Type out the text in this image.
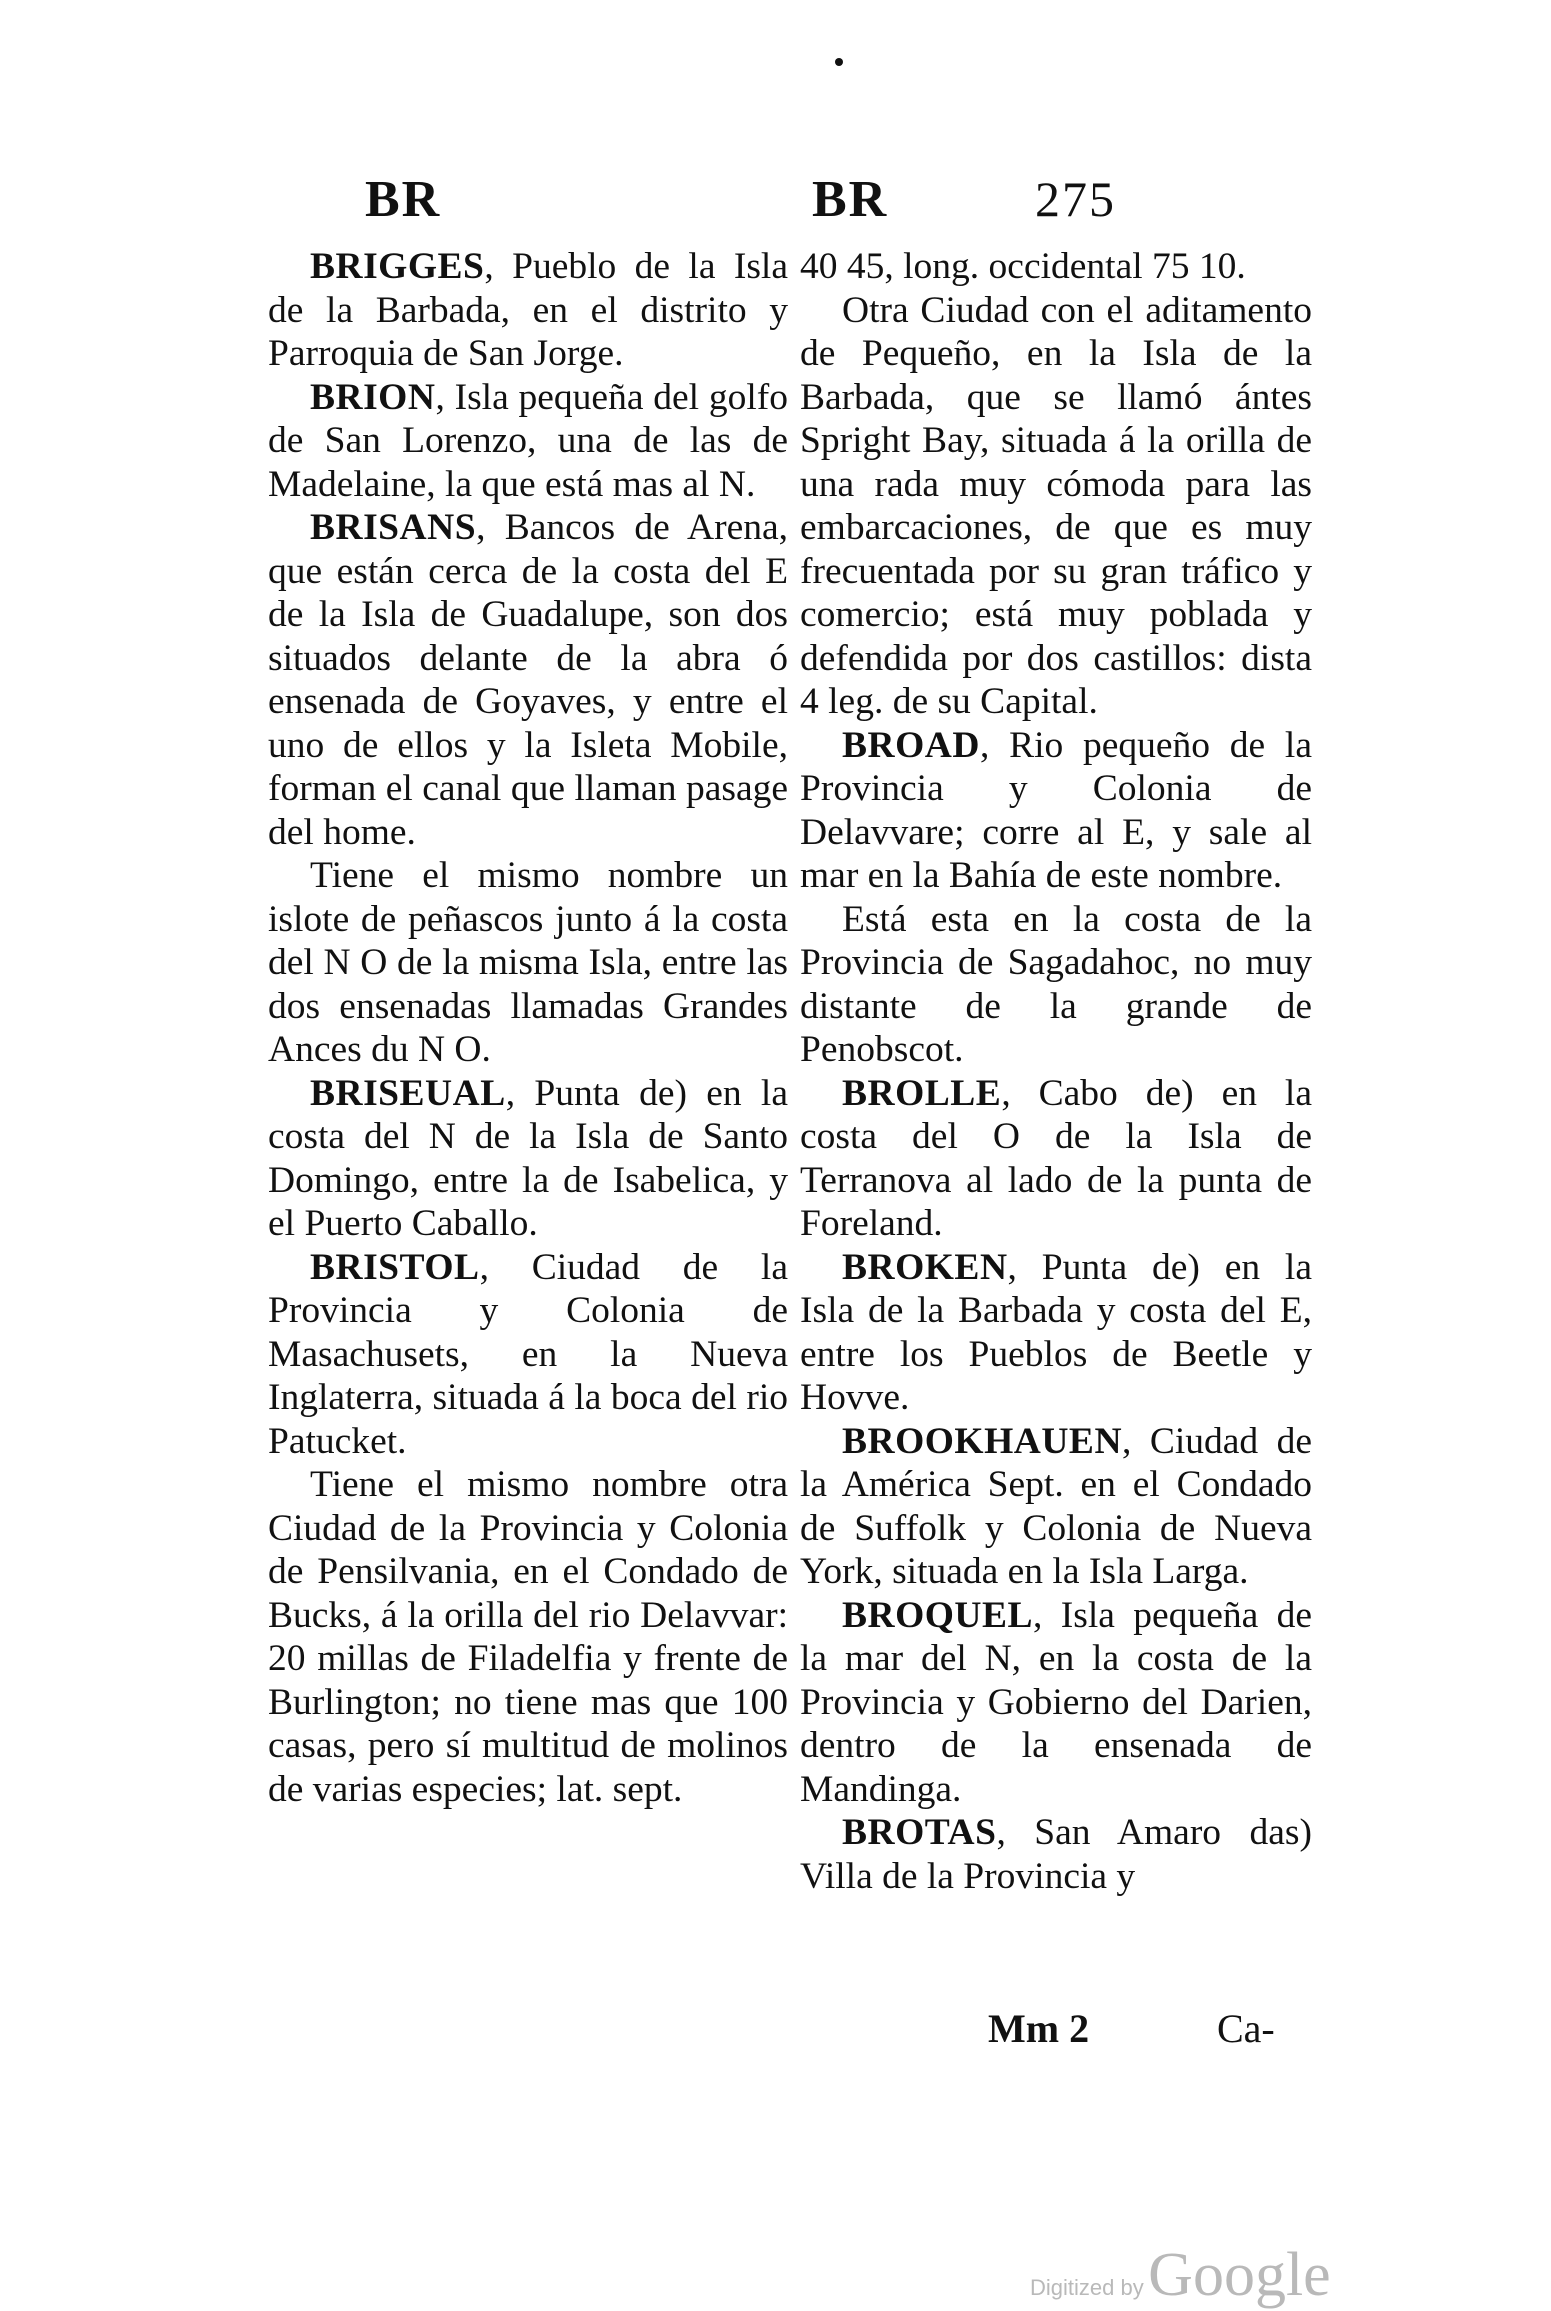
BR	BR	275

BRIGGES, Pueblo de la Isla de la Barbada, en el distrito y Parroquia de San Jorge.

BRION, Isla pequeña del golfo de San Lorenzo, una de las de Madelaine, la que está mas al N.

BRISANS, Bancos de Arena, que están cerca de la costa del E de la Isla de Guadalupe, son dos situados delante de la abra ó ensenada de Goyaves, y entre el uno de ellos y la Isleta Mobile, forman el canal que llaman pasage del home.

Tiene el mismo nombre un islote de peñascos junto á la costa del N O de la misma Isla, entre las dos ensenadas llamadas Grandes Ances du N O.

BRISEUAL, Punta de) en la costa del N de la Isla de Santo Domingo, entre la de Isabelica, y el Puerto Caballo.

BRISTOL, Ciudad de la Provincia y Colonia de Masachusets, en la Nueva Inglaterra, situada á la boca del rio Patucket.

Tiene el mismo nombre otra Ciudad de la Provincia y Colonia de Pensilvania, en el Condado de Bucks, á la orilla del rio Delavvar: 20 millas de Filadelfia y frente de Burlington; no tiene mas que 100 casas, pero sí multitud de molinos de varias especies; lat. sept.

40 45, long. occidental 75 10.

Otra Ciudad con el aditamento de Pequeño, en la Isla de la Barbada, que se llamó ántes Spright Bay, situada á la orilla de una rada muy cómoda para las embarcaciones, de que es muy frecuentada por su gran tráfico y comercio; está muy poblada y defendida por dos castillos: dista 4 leg. de su Capital.

BROAD, Rio pequeño de la Provincia y Colonia de Delavvare; corre al E, y sale al mar en la Bahía de este nombre.

Está esta en la costa de la Provincia de Sagadahoc, no muy distante de la grande de Penobscot.

BROLLE, Cabo de) en la costa del O de la Isla de Terranova al lado de la punta de Foreland.

BROKEN, Punta de) en la Isla de la Barbada y costa del E, entre los Pueblos de Beetle y Hovve.

BROOKHAUEN, Ciudad de la América Sept. en el Condado de Suffolk y Colonia de Nueva York, situada en la Isla Larga.

BROQUEL, Isla pequeña de la mar del N, en la costa de la Provincia y Gobierno del Darien, dentro de la ensenada de Mandinga.

BROTAS, San Amaro das) Villa de la Provincia y

Mm 2	Ca-
Digitized by Google
